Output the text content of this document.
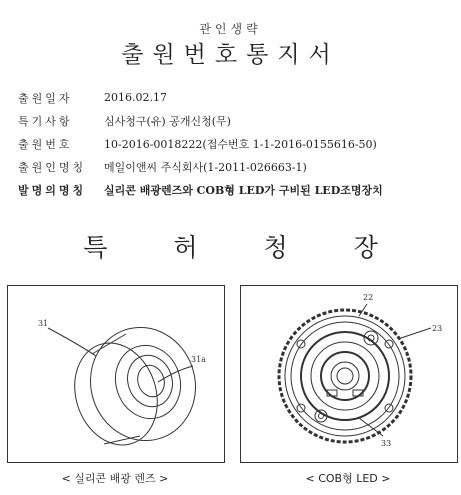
관인생략
출원번호통지서
출원일자	2016.02.17
특기사항	심사청구(유) 공개신청(무)
출원번호	10-2016-0018222(접수번호 1-1-2016-0155616-50)
출원인명칭	메일이앤씨 주식회사(1-2011-026663-1)
발명의명칭	실리콘 배광렌즈와 COB형 LED가 구비된 LED조명장치
특	허	청	장
31
31a
< 실리콘 배광 렌즈 >
22
23
33
< COB형 LED >
